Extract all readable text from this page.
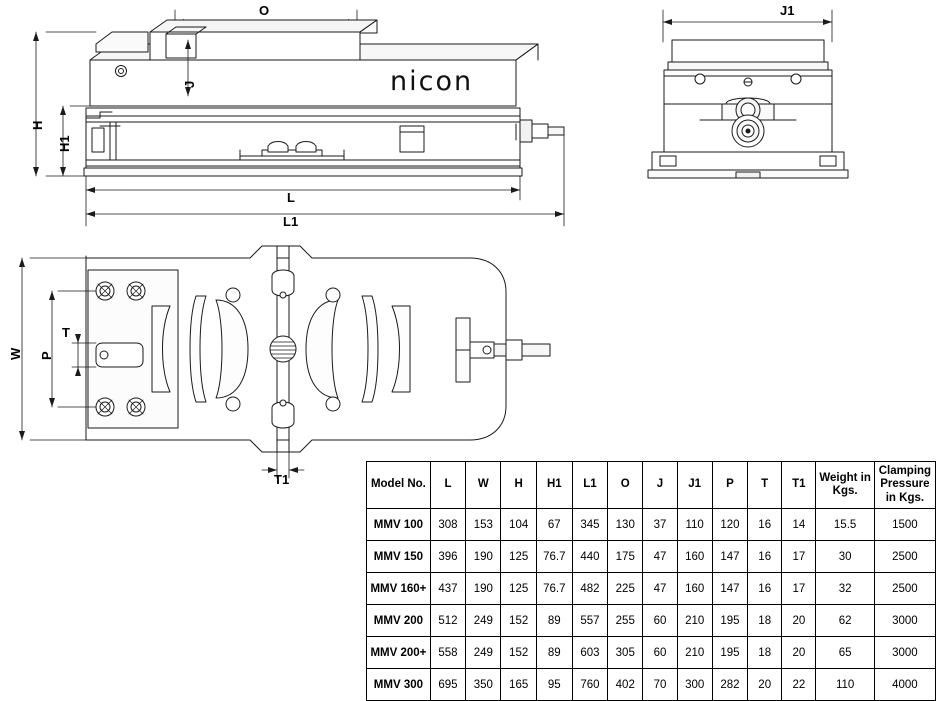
O	J1
H
H1
J
L
L1
W P
T
T1
nicon
Model No.	L	W	H	H1	L1	O	J	J1	P	T	T1	Weight in Kgs.	Clamping Pressure in Kgs.
MMV 100	308	153	104	67	345	130	37	110	120	16	14	15.5	1500
MMV 150	396	190	125	76.7	440	175	47	160	147	16	17	30	2500
MMV 160+	437	190	125	76.7	482	225	47	160	147	16	17	32	2500
MMV 200	512	249	152	89	557	255	60	210	195	18	20	62	3000
MMV 200+	558	249	152	89	603	305	60	210	195	18	20	65	3000
MMV 300	695	350	165	95	760	402	70	300	282	20	22	110	4000
